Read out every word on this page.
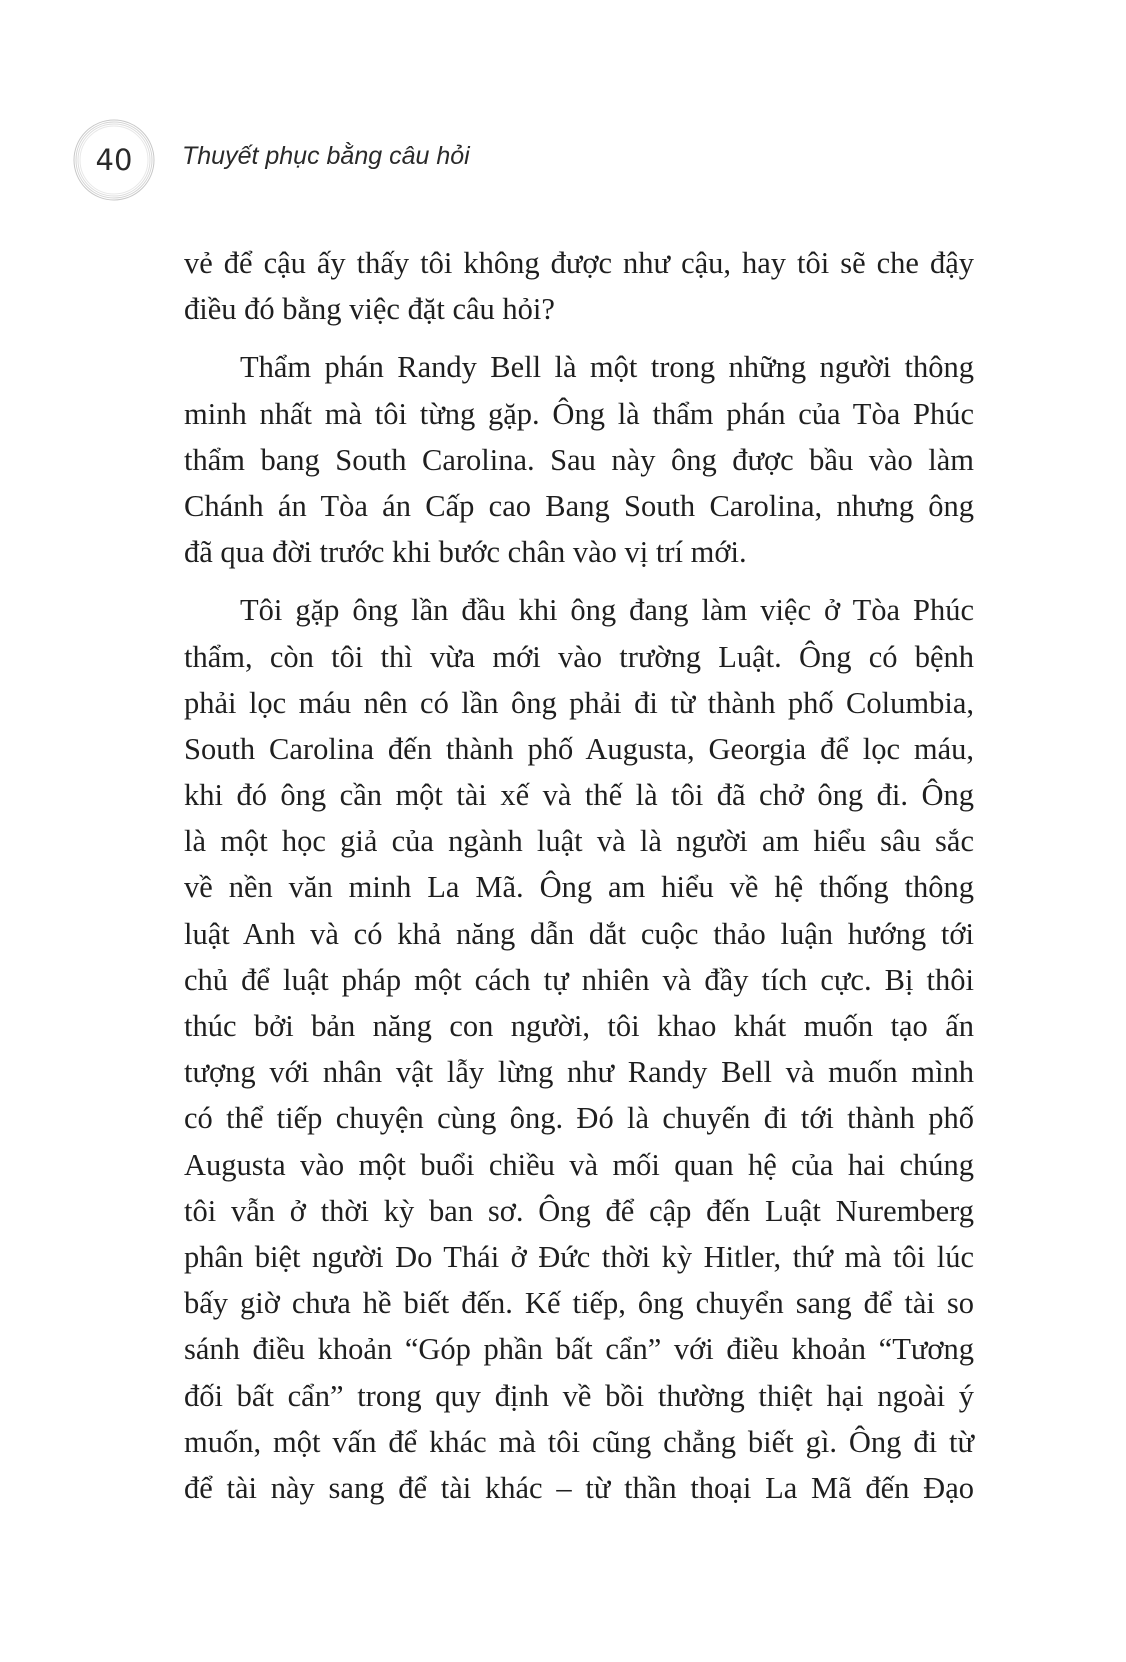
40	Thuyết phục bằng câu hỏi
vẻ để cậu ấy thấy tôi không được như cậu, hay tôi sẽ che đậy
điều đó bằng việc đặt câu hỏi?
Thẩm phán Randy Bell là một trong những người thông
minh nhất mà tôi từng gặp. Ông là thẩm phán của Tòa Phúc
thẩm bang South Carolina. Sau này ông được bầu vào làm
Chánh án Tòa án Cấp cao Bang South Carolina, nhưng ông
đã qua đời trước khi bước chân vào vị trí mới.
Tôi gặp ông lần đầu khi ông đang làm việc ở Tòa Phúc
thẩm, còn tôi thì vừa mới vào trường Luật. Ông có bệnh
phải lọc máu nên có lần ông phải đi từ thành phố Columbia,
South Carolina đến thành phố Augusta, Georgia để lọc máu,
khi đó ông cần một tài xế và thế là tôi đã chở ông đi. Ông
là một học giả của ngành luật và là người am hiểu sâu sắc
về nền văn minh La Mã. Ông am hiểu về hệ thống thông
luật Anh và có khả năng dẫn dắt cuộc thảo luận hướng tới
chủ để luật pháp một cách tự nhiên và đầy tích cực. Bị thôi
thúc bởi bản năng con người, tôi khao khát muốn tạo ấn
tượng với nhân vật lẫy lừng như Randy Bell và muốn mình
có thể tiếp chuyện cùng ông. Đó là chuyến đi tới thành phố
Augusta vào một buổi chiều và mối quan hệ của hai chúng
tôi vẫn ở thời kỳ ban sơ. Ông để cập đến Luật Nuremberg
phân biệt người Do Thái ở Đức thời kỳ Hitler, thứ mà tôi lúc
bấy giờ chưa hề biết đến. Kế tiếp, ông chuyển sang để tài so
sánh điều khoản “Góp phần bất cẩn” với điều khoản “Tương
đối bất cẩn” trong quy định về bồi thường thiệt hại ngoài ý
muốn, một vấn để khác mà tôi cũng chẳng biết gì. Ông đi từ
để tài này sang để tài khác – từ thần thoại La Mã đến Đạo
